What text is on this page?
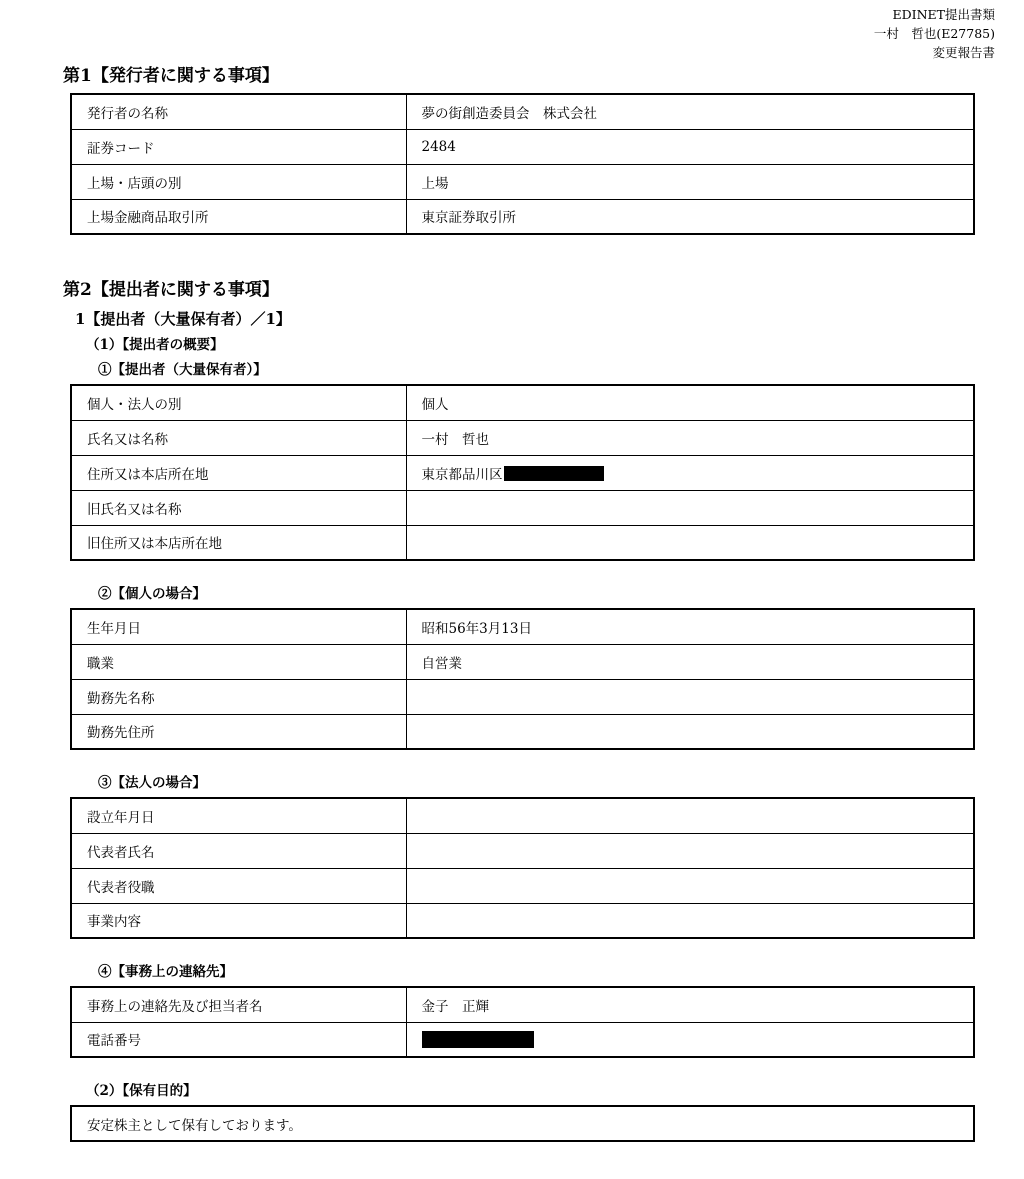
EDINET提出書類
一村　哲也(E27785)
変更報告書
第1【発行者に関する事項】
発行者の名称	夢の街創造委員会　株式会社
証券コード	2484
上場・店頭の別	上場
上場金融商品取引所	東京証券取引所
第2【提出者に関する事項】
1【提出者（大量保有者）／1】
（1）【提出者の概要】
①【提出者（大量保有者）】
個人・法人の別	個人
氏名又は名称	一村　哲也
住所又は本店所在地	東京都品川区
旧氏名又は名称	
旧住所又は本店所在地	
②【個人の場合】
生年月日	昭和56年3月13日
職業	自営業
勤務先名称	
勤務先住所	
③【法人の場合】
設立年月日	
代表者氏名	
代表者役職	
事業内容	
④【事務上の連絡先】
事務上の連絡先及び担当者名	金子　正輝
電話番号	
（2）【保有目的】
安定株主として保有しております。
